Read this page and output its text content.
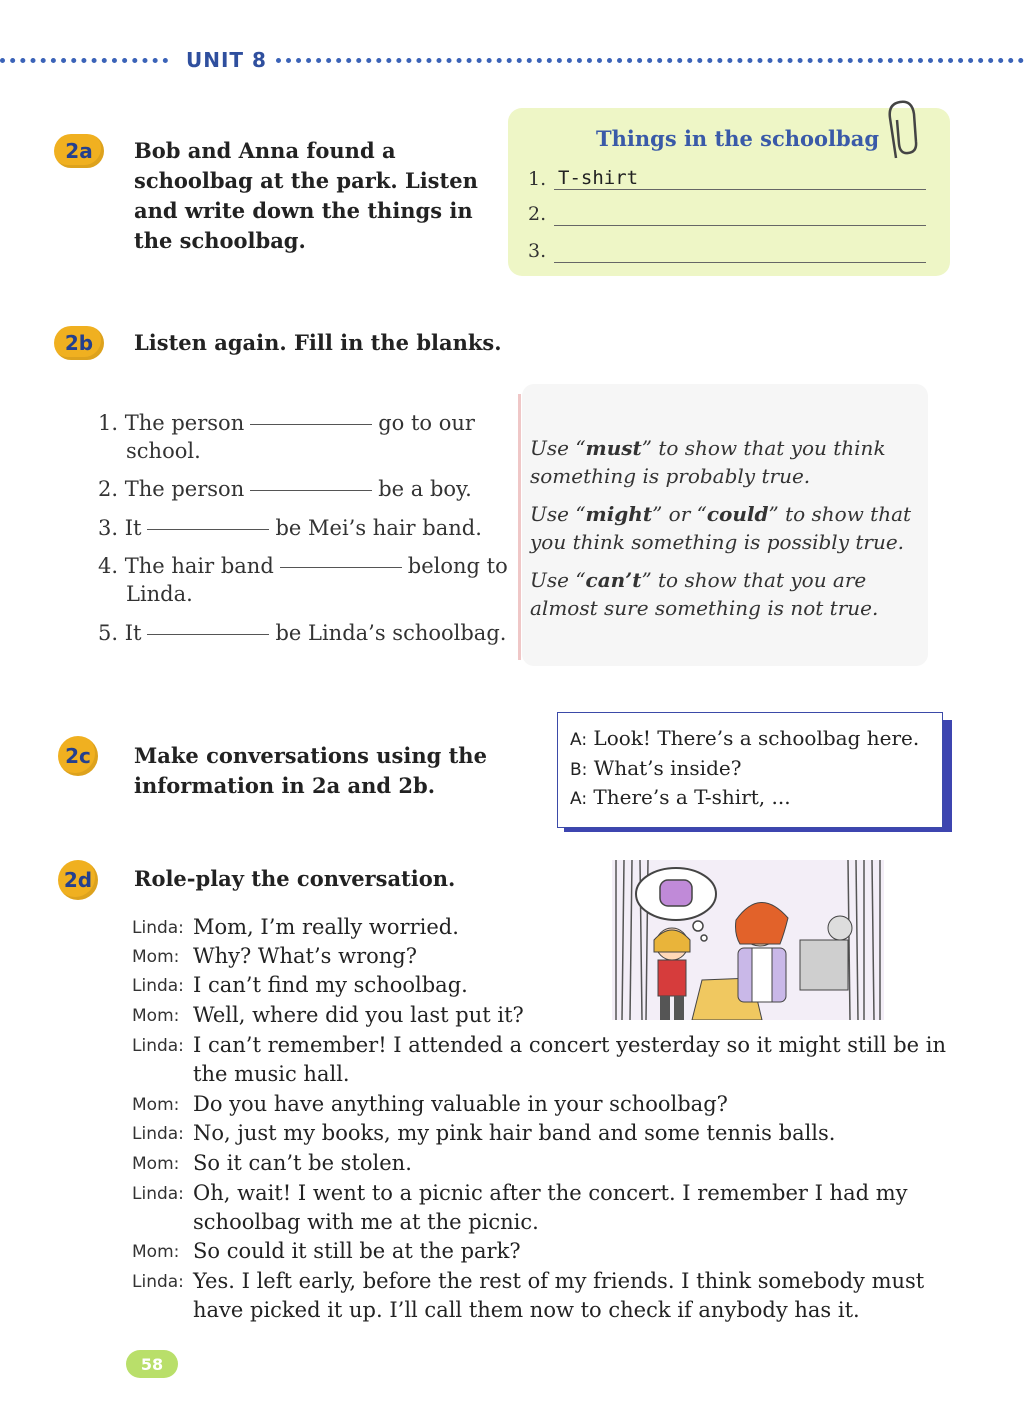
UNIT 8
2a	Bob and Anna found a
schoolbag at the park. Listen
and write down the things in
the schoolbag.
Things in the schoolbag
1. T-shirt
2.
3.
2b	Listen again. Fill in the blanks.
1. The person	go to our
school.
2. The person	be a boy.
3. It	be Mei’s hair band.
4. The hair band	belong to
Linda.
5. It	be Linda’s schoolbag.
Use “must” to show that you think
something is probably true.
Use “might” or “could” to show that
you think something is possibly true.
Use “can’t” to show that you are
almost sure something is not true.
2c	Make conversations using the
information in 2a and 2b.
A: Look! There’s a schoolbag here.
B: What’s inside?
A: There’s a T-shirt, ...
2d Role-play the conversation.
Linda: Mom, I’m really worried.
Mom: Why? What’s wrong?
Linda: I can’t find my schoolbag.
Mom: Well, where did you last put it?
Linda: I can’t remember! I attended a concert yesterday so it might still be in
the music hall.
Mom: Do you have anything valuable in your schoolbag?
Linda: No, just my books, my pink hair band and some tennis balls.
Mom: So it can’t be stolen.
Linda: Oh, wait! I went to a picnic after the concert. I remember I had my
schoolbag with me at the picnic.
Mom: So could it still be at the park?
Linda: Yes. I left early, before the rest of my friends. I think somebody must
have picked it up. I’ll call them now to check if anybody has it.
58
